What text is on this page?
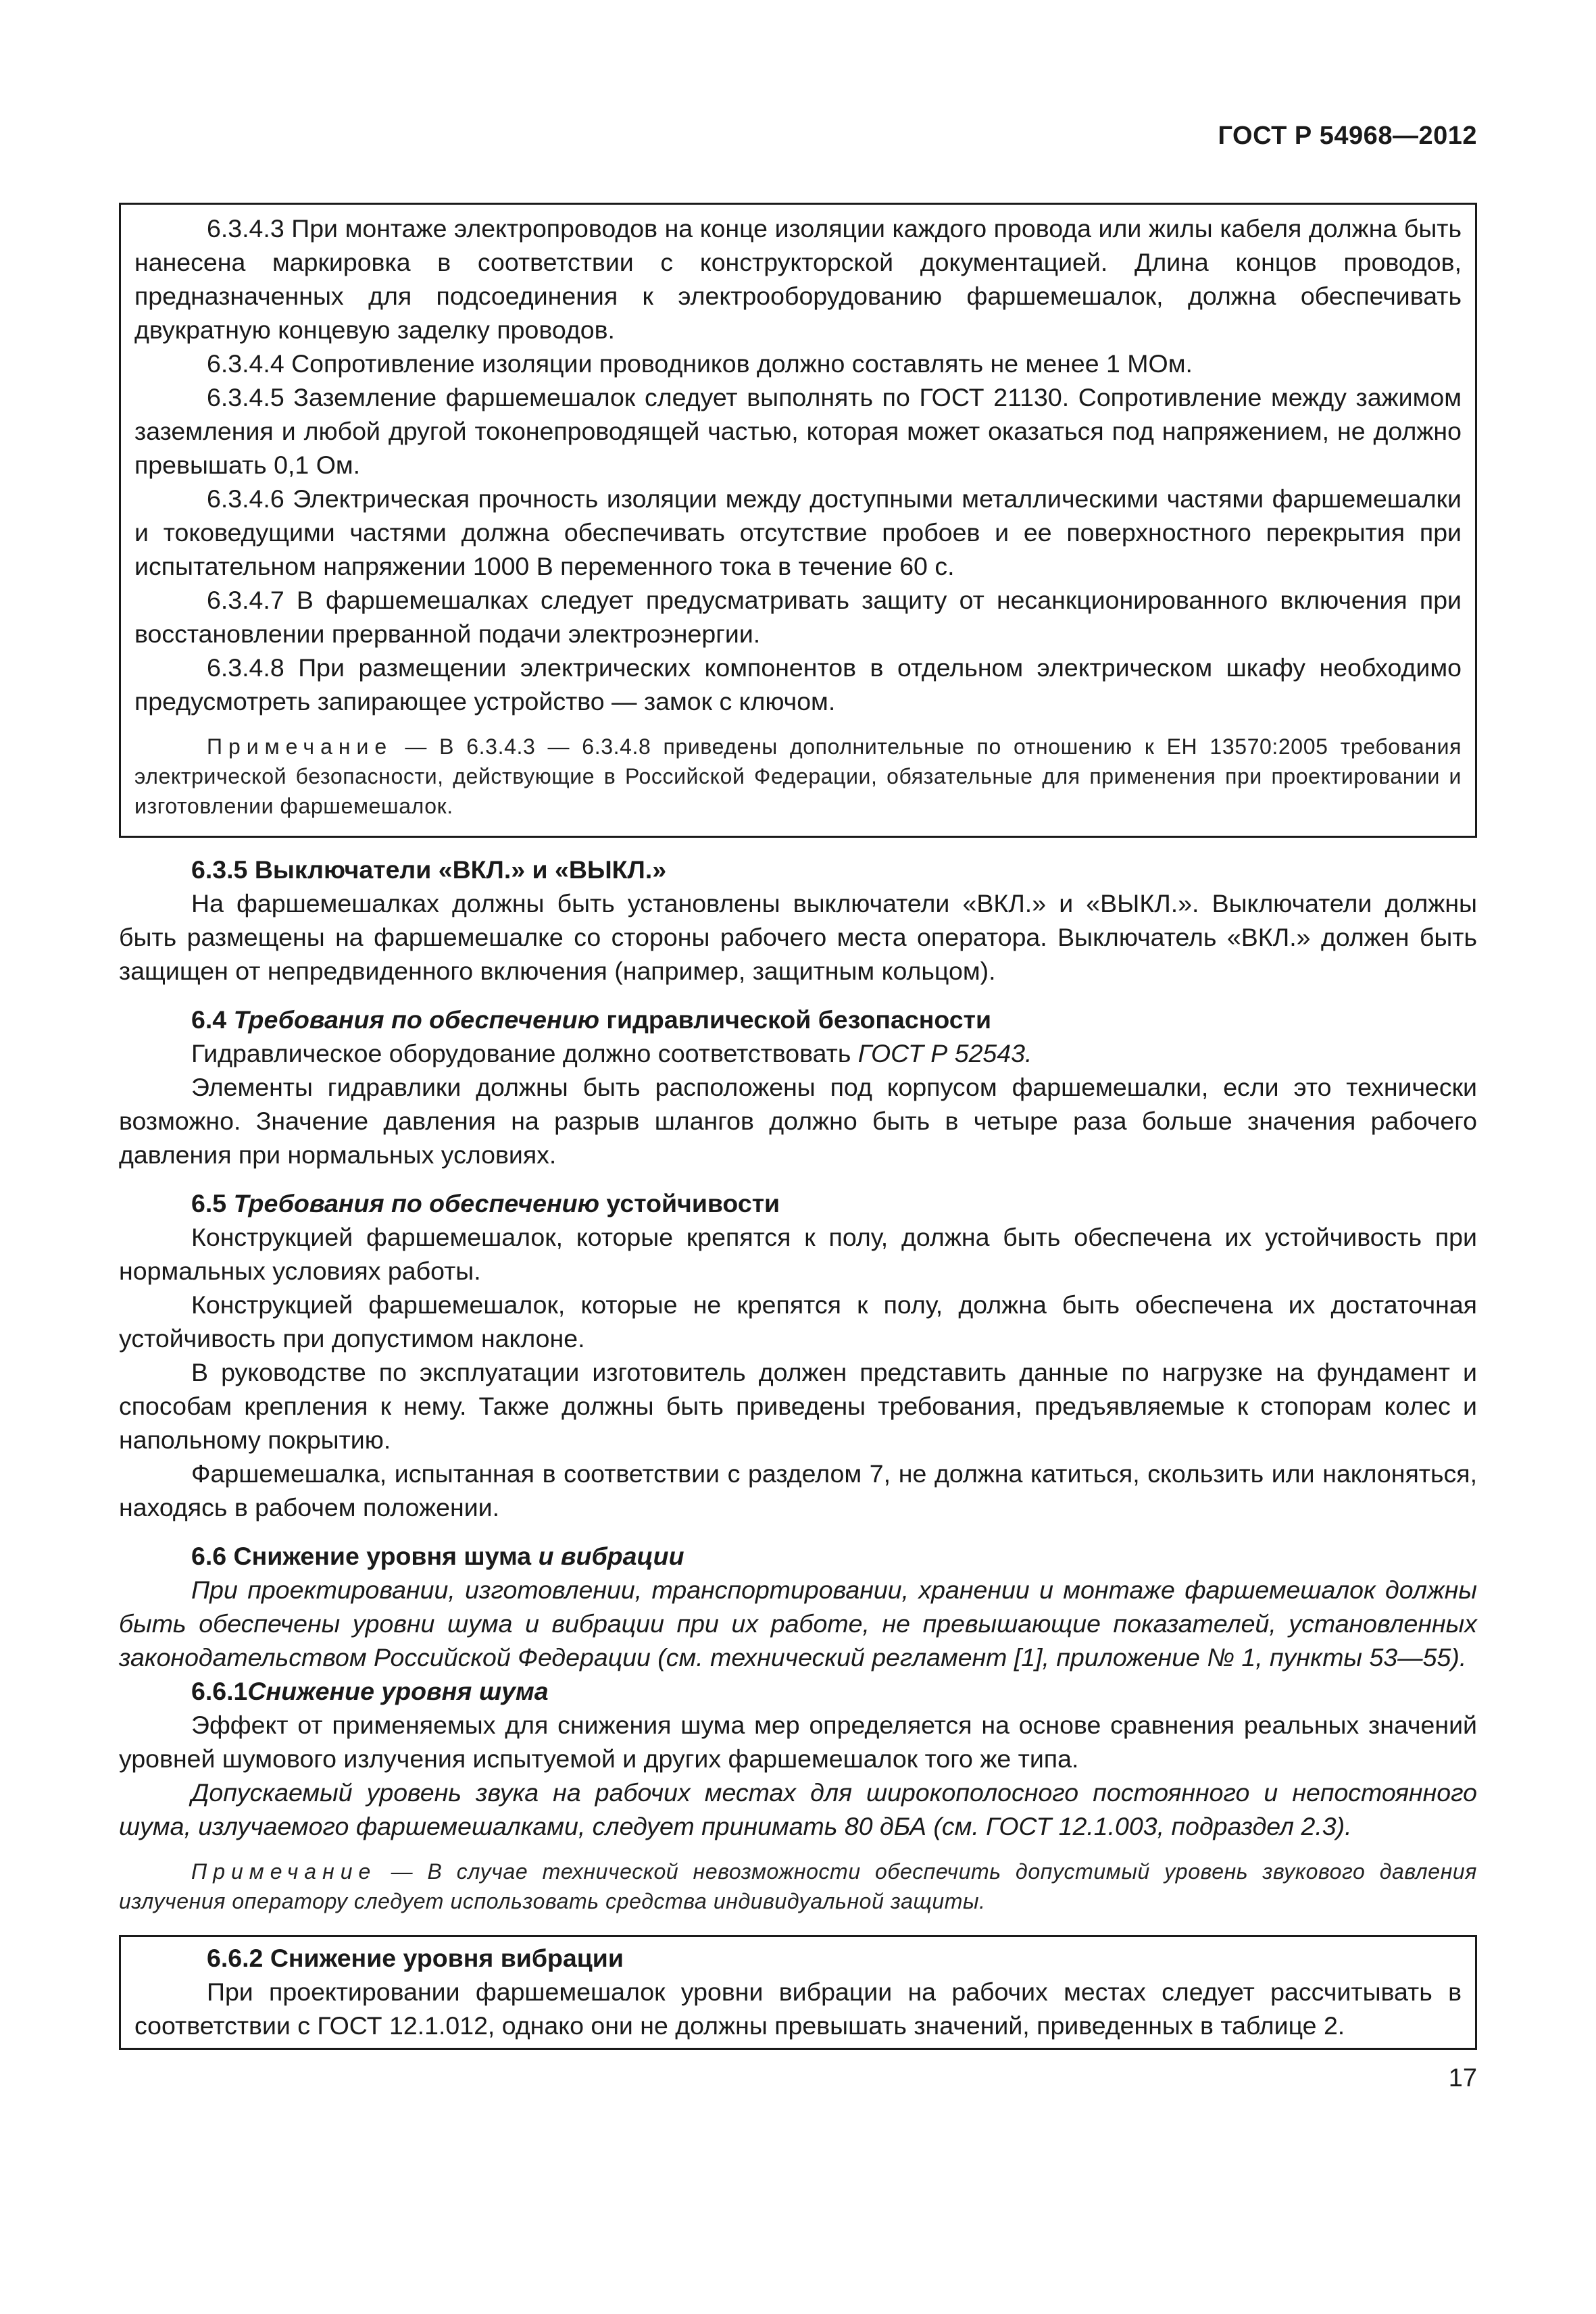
ГОСТ Р 54968—2012

6.3.4.3 При монтаже электропроводов на конце изоляции каждого провода или жилы кабеля должна быть нанесена маркировка в соответствии с конструкторской документацией. Длина концов проводов, предназначенных для подсоединения к электрооборудованию фаршемешалок, должна обеспечивать двукратную концевую заделку проводов.

6.3.4.4 Сопротивление изоляции проводников должно составлять не менее 1 МОм.

6.3.4.5 Заземление фаршемешалок следует выполнять по ГОСТ 21130. Сопротивление между зажимом заземления и любой другой токонепроводящей частью, которая может оказаться под напряжением, не должно превышать 0,1 Ом.

6.3.4.6 Электрическая прочность изоляции между доступными металлическими частями фаршемешалки и токоведущими частями должна обеспечивать отсутствие пробоев и ее поверхностного перекрытия при испытательном напряжении 1000 В переменного тока в течение 60 с.

6.3.4.7 В фаршемешалках следует предусматривать защиту от несанкционированного включения при восстановлении прерванной подачи электроэнергии.

6.3.4.8 При размещении электрических компонентов в отдельном электрическом шкафу необходимо предусмотреть запирающее устройство — замок с ключом.

Примечание — В 6.3.4.3 — 6.3.4.8 приведены дополнительные по отношению к ЕН 13570:2005 требования электрической безопасности, действующие в Российской Федерации, обязательные для применения при проектировании и изготовлении фаршемешалок.

6.3.5 Выключатели «ВКЛ.» и «ВЫКЛ.»

На фаршемешалках должны быть установлены выключатели «ВКЛ.» и «ВЫКЛ.». Выключатели должны быть размещены на фаршемешалке со стороны рабочего места оператора. Выключатель «ВКЛ.» должен быть защищен от непредвиденного включения (например, защитным кольцом).

6.4 Требования по обеспечению гидравлической безопасности

Гидравлическое оборудование должно соответствовать ГОСТ Р 52543.

Элементы гидравлики должны быть расположены под корпусом фаршемешалки, если это технически возможно. Значение давления на разрыв шлангов должно быть в четыре раза больше значения рабочего давления при нормальных условиях.

6.5 Требования по обеспечению устойчивости

Конструкцией фаршемешалок, которые крепятся к полу, должна быть обеспечена их устойчивость при нормальных условиях работы.

Конструкцией фаршемешалок, которые не крепятся к полу, должна быть обеспечена их достаточная устойчивость при допустимом наклоне.

В руководстве по эксплуатации изготовитель должен представить данные по нагрузке на фундамент и способам крепления к нему. Также должны быть приведены требования, предъявляемые к стопорам колес и напольному покрытию.

Фаршемешалка, испытанная в соответствии с разделом 7, не должна катиться, скользить или наклоняться, находясь в рабочем положении.

6.6 Снижение уровня шума и вибрации

При проектировании, изготовлении, транспортировании, хранении и монтаже фаршемешалок должны быть обеспечены уровни шума и вибрации при их работе, не превышающие показателей, установленных законодательством Российской Федерации (см. технический регламент [1], приложение № 1, пункты 53—55).

6.6.1Снижение уровня шума

Эффект от применяемых для снижения шума мер определяется на основе сравнения реальных значений уровней шумового излучения испытуемой и других фаршемешалок того же типа.

Допускаемый уровень звука на рабочих местах для широкополосного постоянного и непостоянного шума, излучаемого фаршемешалками, следует принимать 80 дБА (см. ГОСТ 12.1.003, подраздел 2.3).

Примечание — В случае технической невозможности обеспечить допустимый уровень звукового давления излучения оператору следует использовать средства индивидуальной защиты.

6.6.2 Снижение уровня вибрации

При проектировании фаршемешалок уровни вибрации на рабочих местах следует рассчитывать в соответствии с ГОСТ 12.1.012, однако они не должны превышать значений, приведенных в таблице 2.

17
